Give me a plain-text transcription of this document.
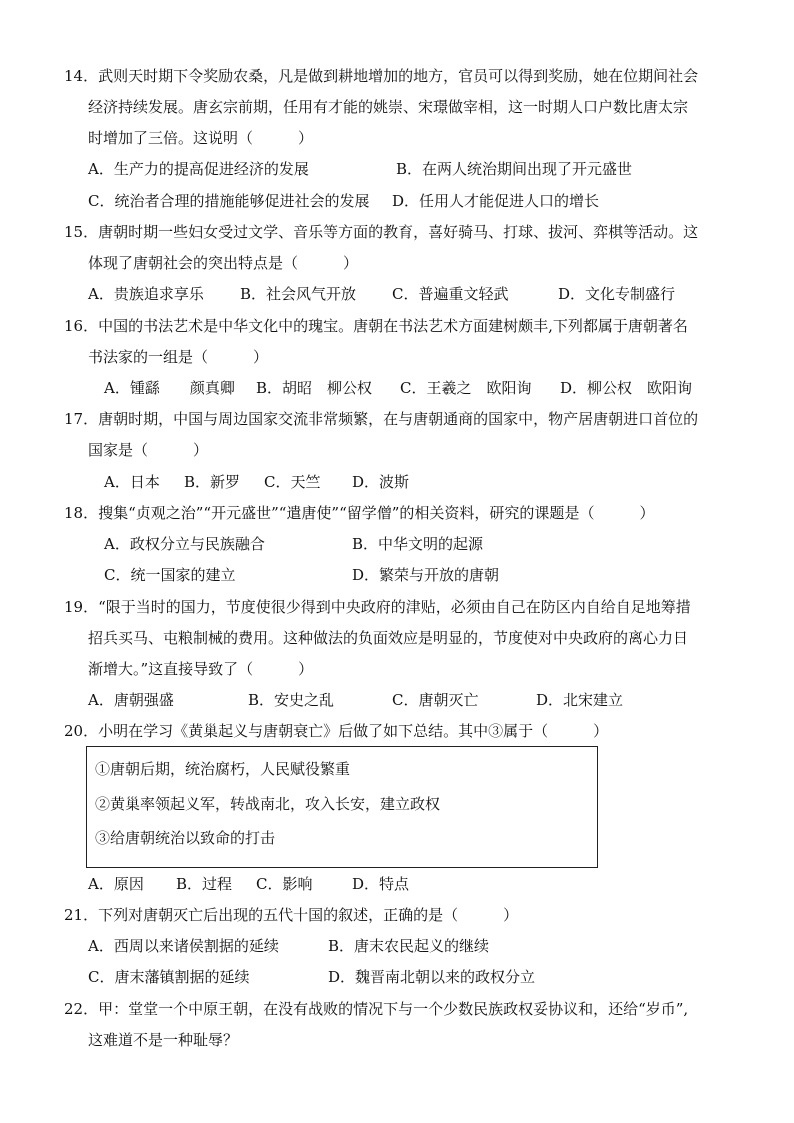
14．武则天时期下令奖励农桑，凡是做到耕地增加的地方，官员可以得到奖励，她在位期间社会
经济持续发展。唐玄宗前期，任用有才能的姚崇、宋璟做宰相，这一时期人口户数比唐太宗
时增加了三倍。这说明（　　　）
A．生产力的提高促进经济的发展	B．在两人统治期间出现了开元盛世
C．统治者合理的措施能够促进社会的发展 D．任用人才能促进人口的增长
15．唐朝时期一些妇女受过文学、音乐等方面的教育，喜好骑马、打球、拔河、弈棋等活动。这
体现了唐朝社会的突出特点是（　　　）
A．贵族追求享乐 B．社会风气开放 C．普遍重文轻武	D．文化专制盛行
16．中国的书法艺术是中华文化中的瑰宝。唐朝在书法艺术方面建树颇丰,下列都属于唐朝著名
书法家的一组是（　　　）
A．锺繇　　颜真卿 B．胡昭　柳公权 C．王羲之　欧阳询 D．柳公权　欧阳询
17．唐朝时期，中国与周边国家交流非常频繁，在与唐朝通商的国家中，物产居唐朝进口首位的
国家是（　　　）
A．日本 B．新罗 C．天竺 D．波斯
18．搜集“贞观之治”“开元盛世”“遣唐使”“留学僧”的相关资料，研究的课题是（　　　）
A．政权分立与民族融合	B．中华文明的起源
C．统一国家的建立	D．繁荣与开放的唐朝
19．“限于当时的国力，节度使很少得到中央政府的津贴，必须由自己在防区内自给自足地筹措
招兵买马、屯粮制械的费用。这种做法的负面效应是明显的，节度使对中央政府的离心力日
渐增大。”这直接导致了（　　　）
A．唐朝强盛	B．安史之乱	C．唐朝灭亡	D．北宋建立
20．小明在学习《黄巢起义与唐朝衰亡》后做了如下总结。其中③属于（　　　）
①唐朝后期，统治腐朽，人民赋役繁重
②黄巢率领起义军，转战南北，攻入长安，建立政权
③给唐朝统治以致命的打击
A．原因 B．过程 C．影响	D．特点
21．下列对唐朝灭亡后出现的五代十国的叙述，正确的是（　　　）
A．西周以来诸侯割据的延续	B．唐末农民起义的继续
C．唐末藩镇割据的延续	D．魏晋南北朝以来的政权分立
22．甲：堂堂一个中原王朝，在没有战败的情况下与一个少数民族政权妥协议和，还给“岁币”,
这难道不是一种耻辱？
